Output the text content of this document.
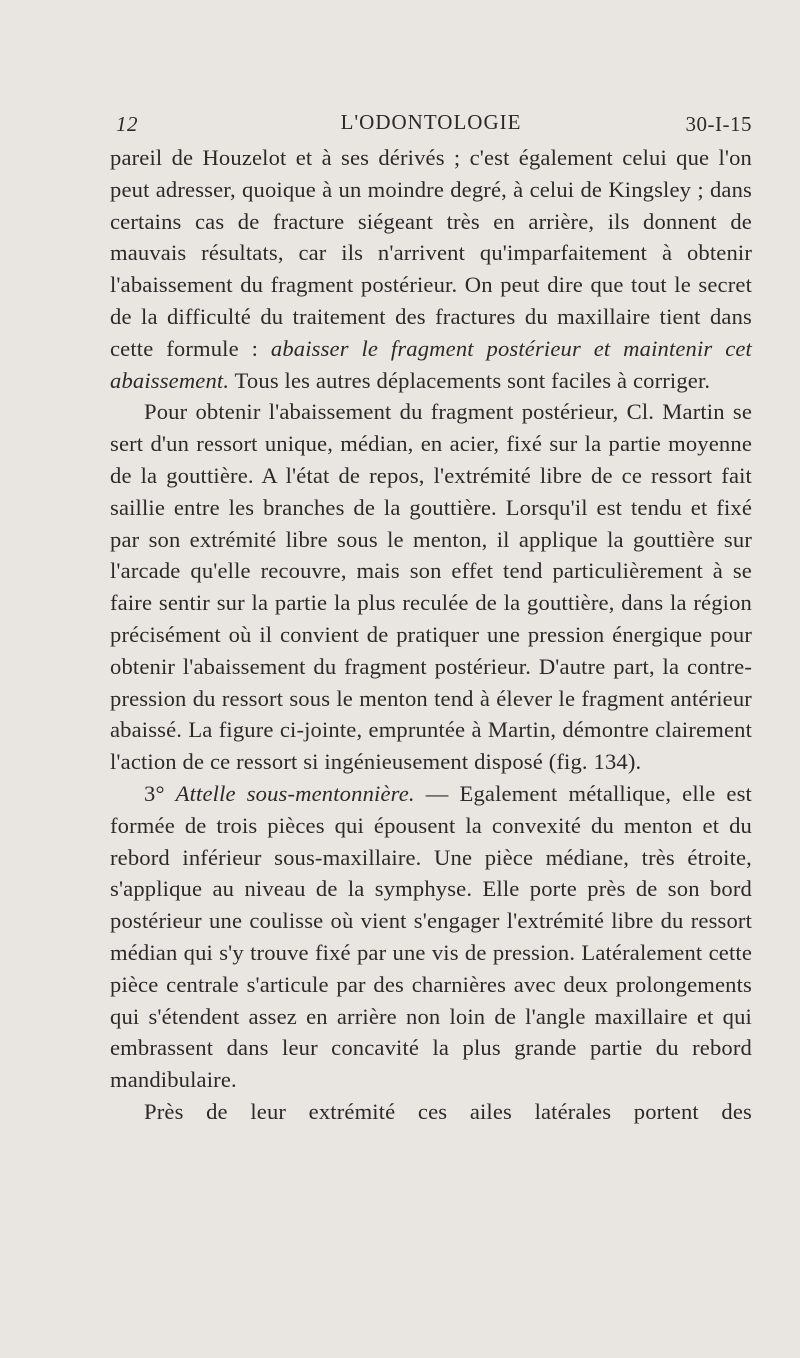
12	L'ODONTOLOGIE	30-I-15

pareil de Houzelot et à ses dérivés ; c'est également celui que l'on peut adresser, quoique à un moindre degré, à celui de Kingsley ; dans certains cas de fracture siégeant très en arrière, ils donnent de mauvais résultats, car ils n'arrivent qu'imparfaitement à obtenir l'abaissement du fragment postérieur. On peut dire que tout le secret de la difficulté du traitement des fractures du maxillaire tient dans cette formule : abaisser le fragment postérieur et maintenir cet abaissement. Tous les autres déplacements sont faciles à corriger.

Pour obtenir l'abaissement du fragment postérieur, Cl. Martin se sert d'un ressort unique, médian, en acier, fixé sur la partie moyenne de la gouttière. A l'état de repos, l'extrémité libre de ce ressort fait saillie entre les branches de la gouttière. Lorsqu'il est tendu et fixé par son extrémité libre sous le menton, il applique la gouttière sur l'arcade qu'elle recouvre, mais son effet tend particulièrement à se faire sentir sur la partie la plus reculée de la gouttière, dans la région précisément où il convient de pratiquer une pression énergique pour obtenir l'abaissement du fragment postérieur. D'autre part, la contre-pression du ressort sous le menton tend à élever le fragment antérieur abaissé. La figure ci-jointe, empruntée à Martin, démontre clairement l'action de ce ressort si ingénieusement disposé (fig. 134).

3° Attelle sous-mentonnière. — Egalement métallique, elle est formée de trois pièces qui épousent la convexité du menton et du rebord inférieur sous-maxillaire. Une pièce médiane, très étroite, s'applique au niveau de la symphyse. Elle porte près de son bord postérieur une coulisse où vient s'engager l'extrémité libre du ressort médian qui s'y trouve fixé par une vis de pression. Latéralement cette pièce centrale s'articule par des charnières avec deux prolongements qui s'étendent assez en arrière non loin de l'angle maxillaire et qui embrassent dans leur concavité la plus grande partie du rebord mandibulaire.

Près de leur extrémité ces ailes latérales portent des
